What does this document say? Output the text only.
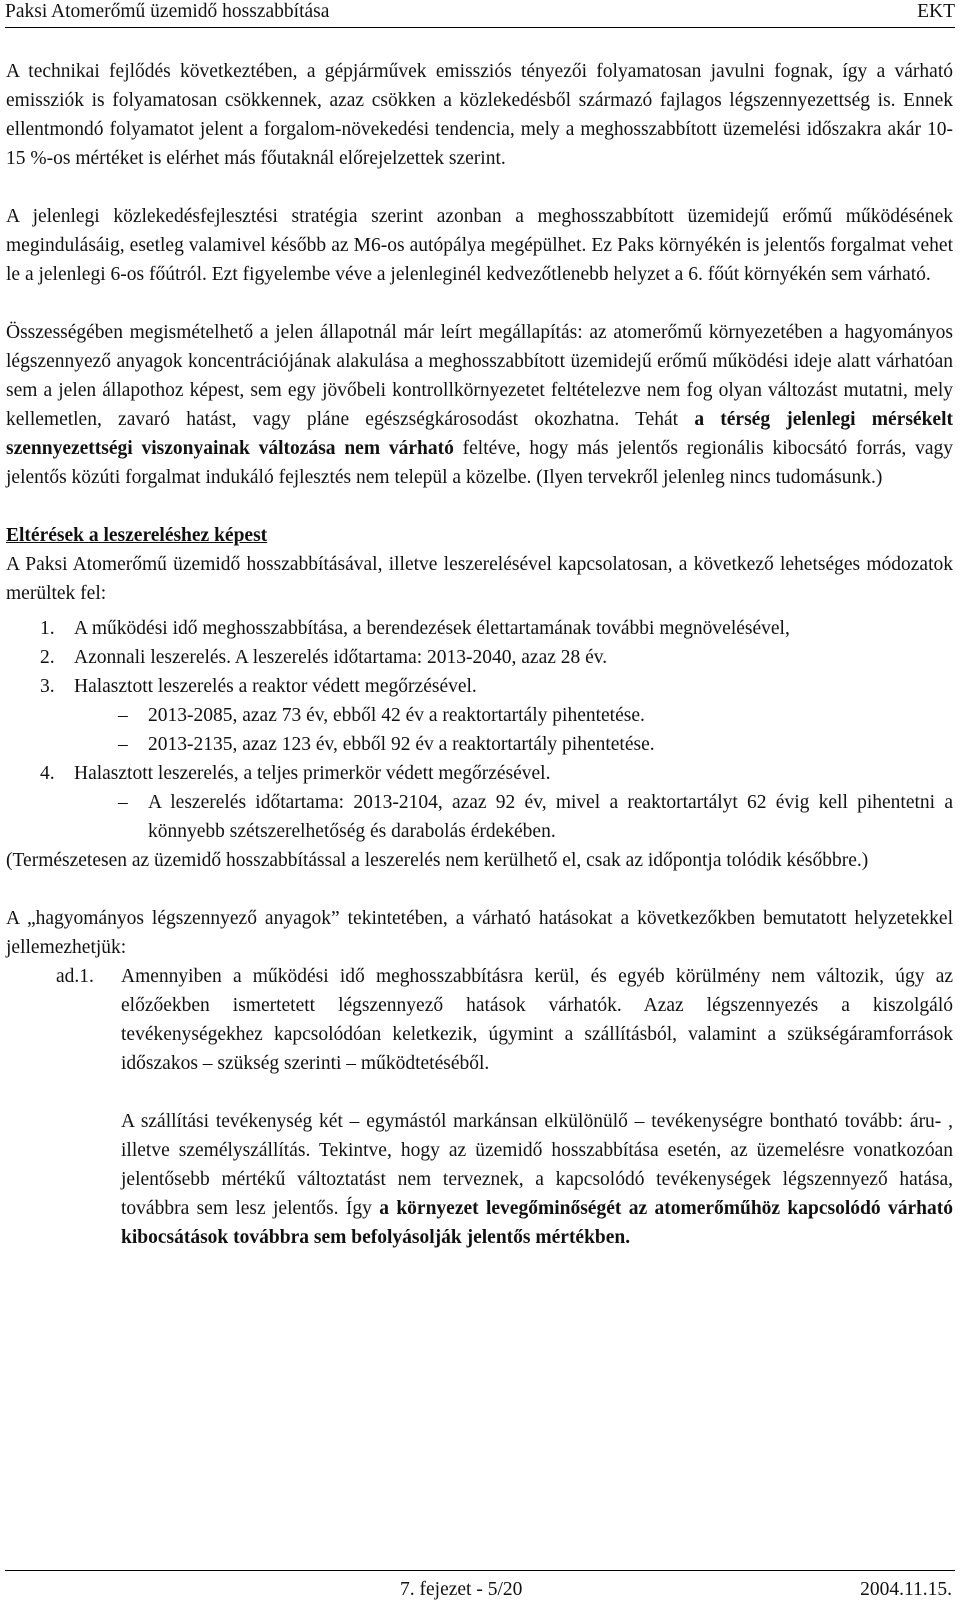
Paksi Atomerőmű üzemidő hosszabbítása	EKT

A technikai fejlődés következtében, a gépjárművek emissziós tényezői folyamatosan javulni fognak, így a várható emissziók is folyamatosan csökkennek, azaz csökken a közlekedésből származó fajlagos légszennyezettség is. Ennek ellentmondó folyamatot jelent a forgalom-növekedési tendencia, mely a meghosszabbított üzemelési időszakra akár 10-15 %-os mértéket is elérhet más főutaknál előrejelzettek szerint.

A jelenlegi közlekedésfejlesztési stratégia szerint azonban a meghosszabbított üzemidejű erőmű működésének megindulásáig, esetleg valamivel később az M6-os autópálya megépülhet. Ez Paks környékén is jelentős forgalmat vehet le a jelenlegi 6-os főútról. Ezt figyelembe véve a jelenleginél kedvezőtlenebb helyzet a 6. főút környékén sem várható.

Összességében megismételhető a jelen állapotnál már leírt megállapítás: az atomerőmű környezetében a hagyományos légszennyező anyagok koncentrációjának alakulása a meghosszabbított üzemidejű erőmű működési ideje alatt várhatóan sem a jelen állapothoz képest, sem egy jövőbeli kontrollkörnyezetet feltételezve nem fog olyan változást mutatni, mely kellemetlen, zavaró hatást, vagy pláne egészségkárosodást okozhatna. Tehát a térség jelenlegi mérsékelt szennyezettségi viszonyainak változása nem várható feltéve, hogy más jelentős regionális kibocsátó forrás, vagy jelentős közúti forgalmat indukáló fejlesztés nem települ a közelbe. (Ilyen tervekről jelenleg nincs tudomásunk.)

Eltérések a leszereléshez képest

A Paksi Atomerőmű üzemidő hosszabbításával, illetve leszerelésével kapcsolatosan, a következő lehetséges módozatok merültek fel:

1. A működési idő meghosszabbítása, a berendezések élettartamának további megnövelésével,
2. Azonnali leszerelés. A leszerelés időtartama: 2013-2040, azaz 28 év.
3. Halasztott leszerelés a reaktor védett megőrzésével.
–	2013-2085, azaz 73 év, ebből 42 év a reaktortartály pihentetése.
–	2013-2135, azaz 123 év, ebből 92 év a reaktortartály pihentetése.
4. Halasztott leszerelés, a teljes primerkör védett megőrzésével.
–	A leszerelés időtartama: 2013-2104, azaz 92 év, mivel a reaktortartályt 62 évig kell pihentetni a könnyebb szétszerelhetőség és darabolás érdekében.

(Természetesen az üzemidő hosszabbítással a leszerelés nem kerülhető el, csak az időpontja tolódik későbbre.)

A „hagyományos légszennyező anyagok” tekintetében, a várható hatásokat a következőkben bemutatott helyzetekkel jellemezhetjük:

ad.1.	Amennyiben a működési idő meghosszabbításra kerül, és egyéb körülmény nem változik, úgy az előzőekben ismertetett légszennyező hatások várhatók. Azaz légszennyezés a kiszolgáló tevékenységekhez kapcsolódóan keletkezik, úgymint a szállításból, valamint a szükségáramforrások időszakos – szükség szerinti – működtetéséből.

A szállítási tevékenység két – egymástól markánsan elkülönülő – tevékenységre bontható tovább: áru- , illetve személyszállítás. Tekintve, hogy az üzemidő hosszabbítása esetén, az üzemelésre vonatkozóan jelentősebb mértékű változtatást nem terveznek, a kapcsolódó tevékenységek légszennyező hatása, továbbra sem lesz jelentős. Így a környezet levegőminőségét az atomerőműhöz kapcsolódó várható kibocsátások továbbra sem befolyásolják jelentős mértékben.

7. fejezet - 5/20	2004.11.15.
